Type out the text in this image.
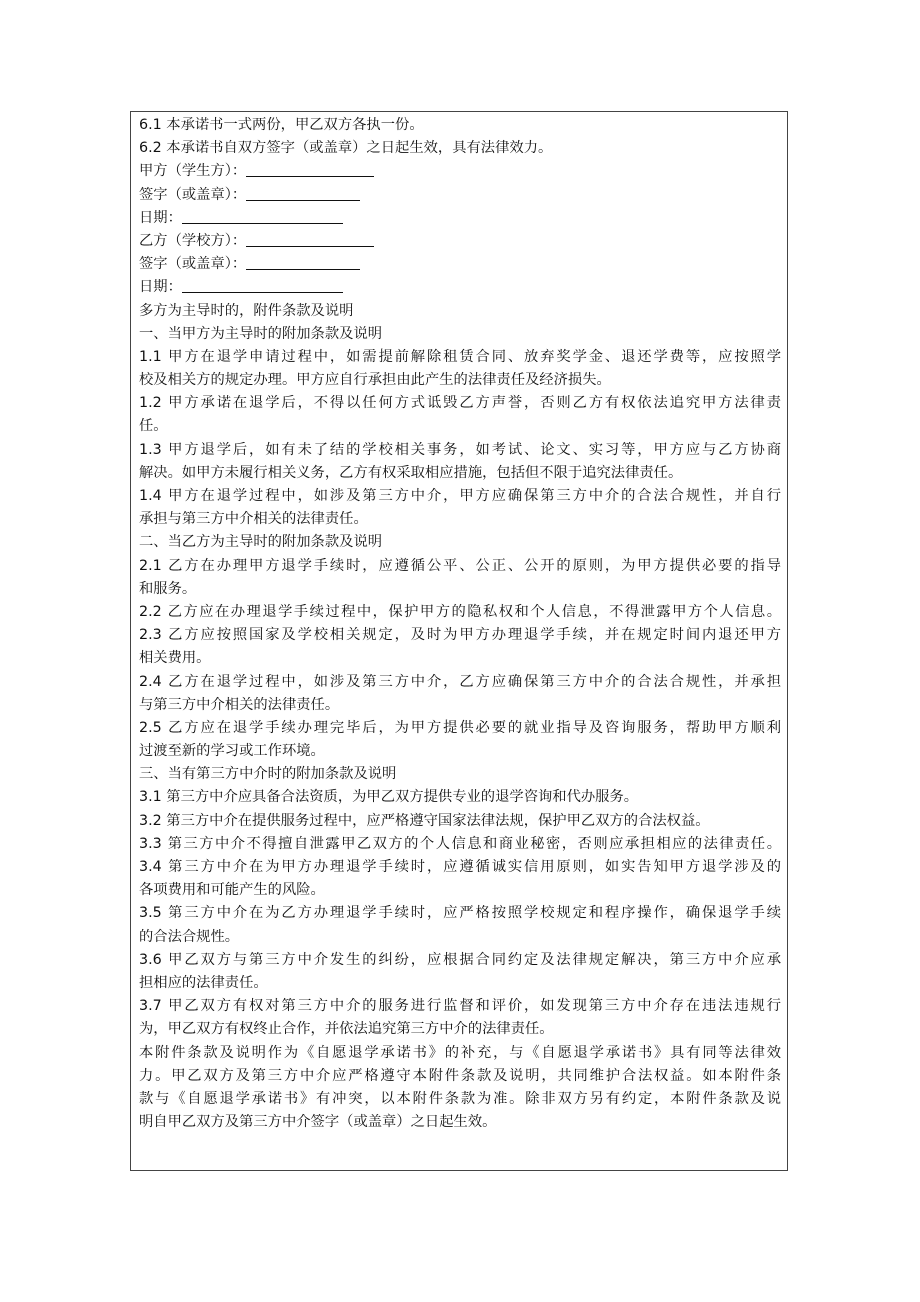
6.1 本承诺书一式两份，甲乙双方各执一份。
6.2 本承诺书自双方签字（或盖章）之日起生效，具有法律效力。
甲方（学生方）：
签字（或盖章）：
日期：
乙方（学校方）：
签字（或盖章）：
日期：
多方为主导时的，附件条款及说明
一、当甲方为主导时的附加条款及说明
1.1 甲方在退学申请过程中，如需提前解除租赁合同、放弃奖学金、退还学费等，应按照学
校及相关方的规定办理。甲方应自行承担由此产生的法律责任及经济损失。
1.2 甲方承诺在退学后，不得以任何方式诋毁乙方声誉，否则乙方有权依法追究甲方法律责
任。
1.3 甲方退学后，如有未了结的学校相关事务，如考试、论文、实习等，甲方应与乙方协商
解决。如甲方未履行相关义务，乙方有权采取相应措施，包括但不限于追究法律责任。
1.4 甲方在退学过程中，如涉及第三方中介，甲方应确保第三方中介的合法合规性，并自行
承担与第三方中介相关的法律责任。
二、当乙方为主导时的附加条款及说明
2.1 乙方在办理甲方退学手续时，应遵循公平、公正、公开的原则，为甲方提供必要的指导
和服务。
2.2 乙方应在办理退学手续过程中，保护甲方的隐私权和个人信息，不得泄露甲方个人信息。
2.3 乙方应按照国家及学校相关规定，及时为甲方办理退学手续，并在规定时间内退还甲方
相关费用。
2.4 乙方在退学过程中，如涉及第三方中介，乙方应确保第三方中介的合法合规性，并承担
与第三方中介相关的法律责任。
2.5 乙方应在退学手续办理完毕后，为甲方提供必要的就业指导及咨询服务，帮助甲方顺利
过渡至新的学习或工作环境。
三、当有第三方中介时的附加条款及说明
3.1 第三方中介应具备合法资质，为甲乙双方提供专业的退学咨询和代办服务。
3.2 第三方中介在提供服务过程中，应严格遵守国家法律法规，保护甲乙双方的合法权益。
3.3 第三方中介不得擅自泄露甲乙双方的个人信息和商业秘密，否则应承担相应的法律责任。
3.4 第三方中介在为甲方办理退学手续时，应遵循诚实信用原则，如实告知甲方退学涉及的
各项费用和可能产生的风险。
3.5 第三方中介在为乙方办理退学手续时，应严格按照学校规定和程序操作，确保退学手续
的合法合规性。
3.6 甲乙双方与第三方中介发生的纠纷，应根据合同约定及法律规定解决，第三方中介应承
担相应的法律责任。
3.7 甲乙双方有权对第三方中介的服务进行监督和评价，如发现第三方中介存在违法违规行
为，甲乙双方有权终止合作，并依法追究第三方中介的法律责任。
本附件条款及说明作为《自愿退学承诺书》的补充，与《自愿退学承诺书》具有同等法律效
力。甲乙双方及第三方中介应严格遵守本附件条款及说明，共同维护合法权益。如本附件条
款与《自愿退学承诺书》有冲突，以本附件条款为准。除非双方另有约定，本附件条款及说
明自甲乙双方及第三方中介签字（或盖章）之日起生效。
